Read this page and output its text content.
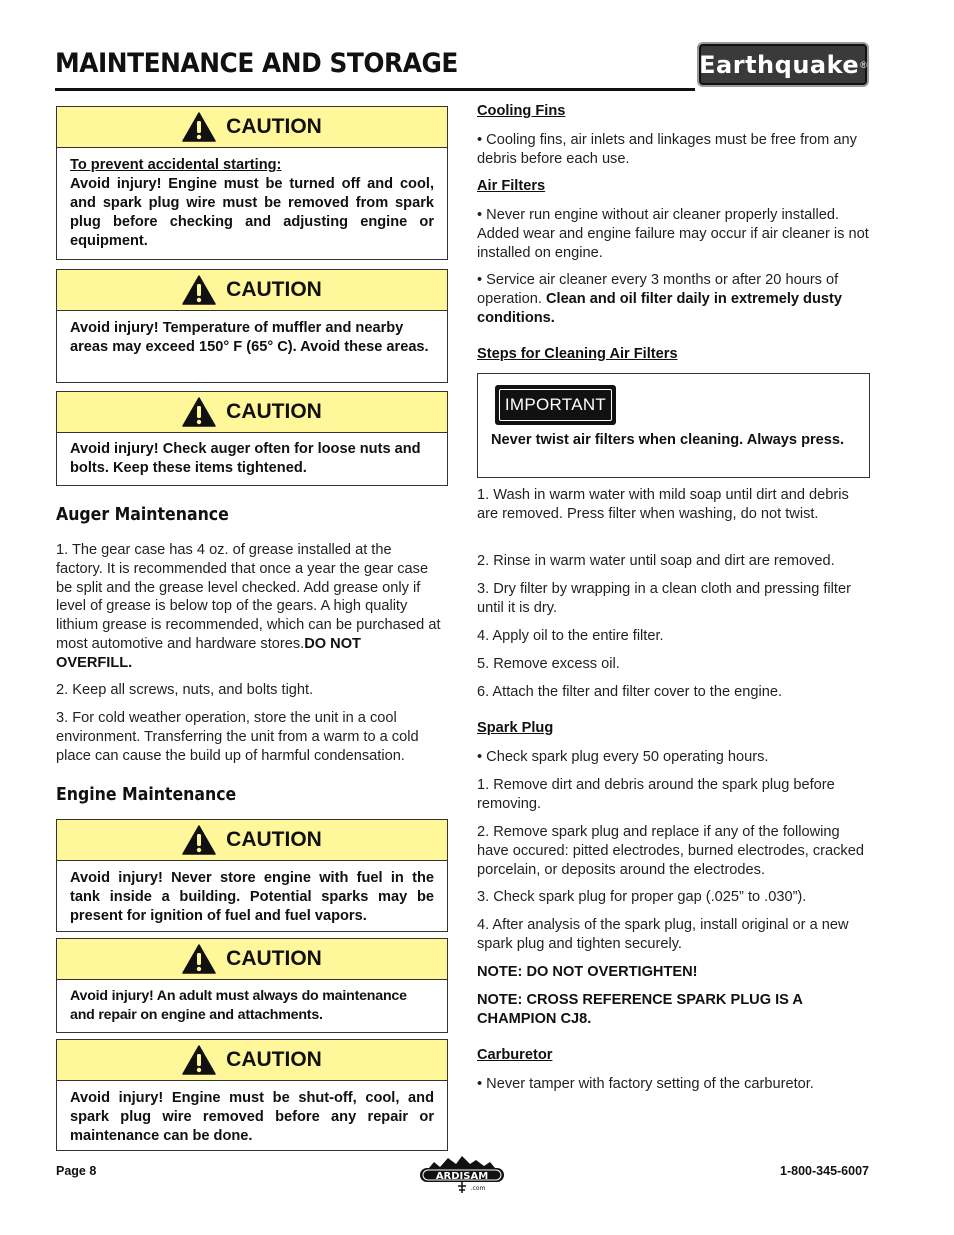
MAINTENANCE AND STORAGE	Earthquake ®
CAUTION
To prevent accidental starting:
Avoid injury! Engine must be turned off and cool, and spark plug wire must be removed from spark plug before checking and adjusting engine or equipment.
CAUTION
Avoid injury! Temperature of muffler and nearby areas may exceed 150° F (65° C). Avoid these areas.
CAUTION
Avoid injury! Check auger often for loose nuts and bolts. Keep these items tightened.
Auger Maintenance
1. The gear case has 4 oz. of grease installed at the factory. It is recommended that once a year the gear case be split and the grease level checked. Add grease only if level of grease is below top of the gears. A high quality lithium grease is recommended, which can be purchased at most automotive and hardware stores.DO NOT OVERFILL.
2. Keep all screws, nuts, and bolts tight.
3. For cold weather operation, store the unit in a cool environment. Transferring the unit from a warm to a cold place can cause the build up of harmful condensation.
Engine Maintenance
CAUTION
Avoid injury! Never store engine with fuel in the tank inside a building. Potential sparks may be present for ignition of fuel and fuel vapors.
CAUTION
Avoid injury! An adult must always do maintenance and repair on engine and attachments.
CAUTION
Avoid injury! Engine must be shut-off, cool, and spark plug wire removed before any repair or maintenance can be done.
Cooling Fins
• Cooling fins, air inlets and linkages must be free from any debris before each use.
Air Filters
• Never run engine without air cleaner properly installed. Added wear and engine failure may occur if air cleaner is not installed on engine.
• Service air cleaner every 3 months or after 20 hours of operation. Clean and oil filter daily in extremely dusty conditions.
Steps for Cleaning Air Filters
IMPORTANT
Never twist air filters when cleaning. Always press.
1. Wash in warm water with mild soap until dirt and debris are removed. Press filter when washing, do not twist.
2. Rinse in warm water until soap and dirt are removed.
3. Dry filter by wrapping in a clean cloth and pressing filter until it is dry.
4. Apply oil to the entire filter.
5. Remove excess oil.
6. Attach the filter and filter cover to the engine.
Spark Plug
• Check spark plug every 50 operating hours.
1. Remove dirt and debris around the spark plug before removing.
2. Remove spark plug and replace if any of the following have occured: pitted electrodes, burned electrodes, cracked porcelain, or deposits around the electrodes.
3. Check spark plug for proper gap (.025” to .030”).
4. After analysis of the spark plug, install original or a new spark plug and tighten securely.
NOTE: DO NOT OVERTIGHTEN!
NOTE: CROSS REFERENCE SPARK PLUG IS A CHAMPION CJ8.
Carburetor
• Never tamper with factory setting of the carburetor.
Page 8	ARDISAM
.com
1-800-345-6007
